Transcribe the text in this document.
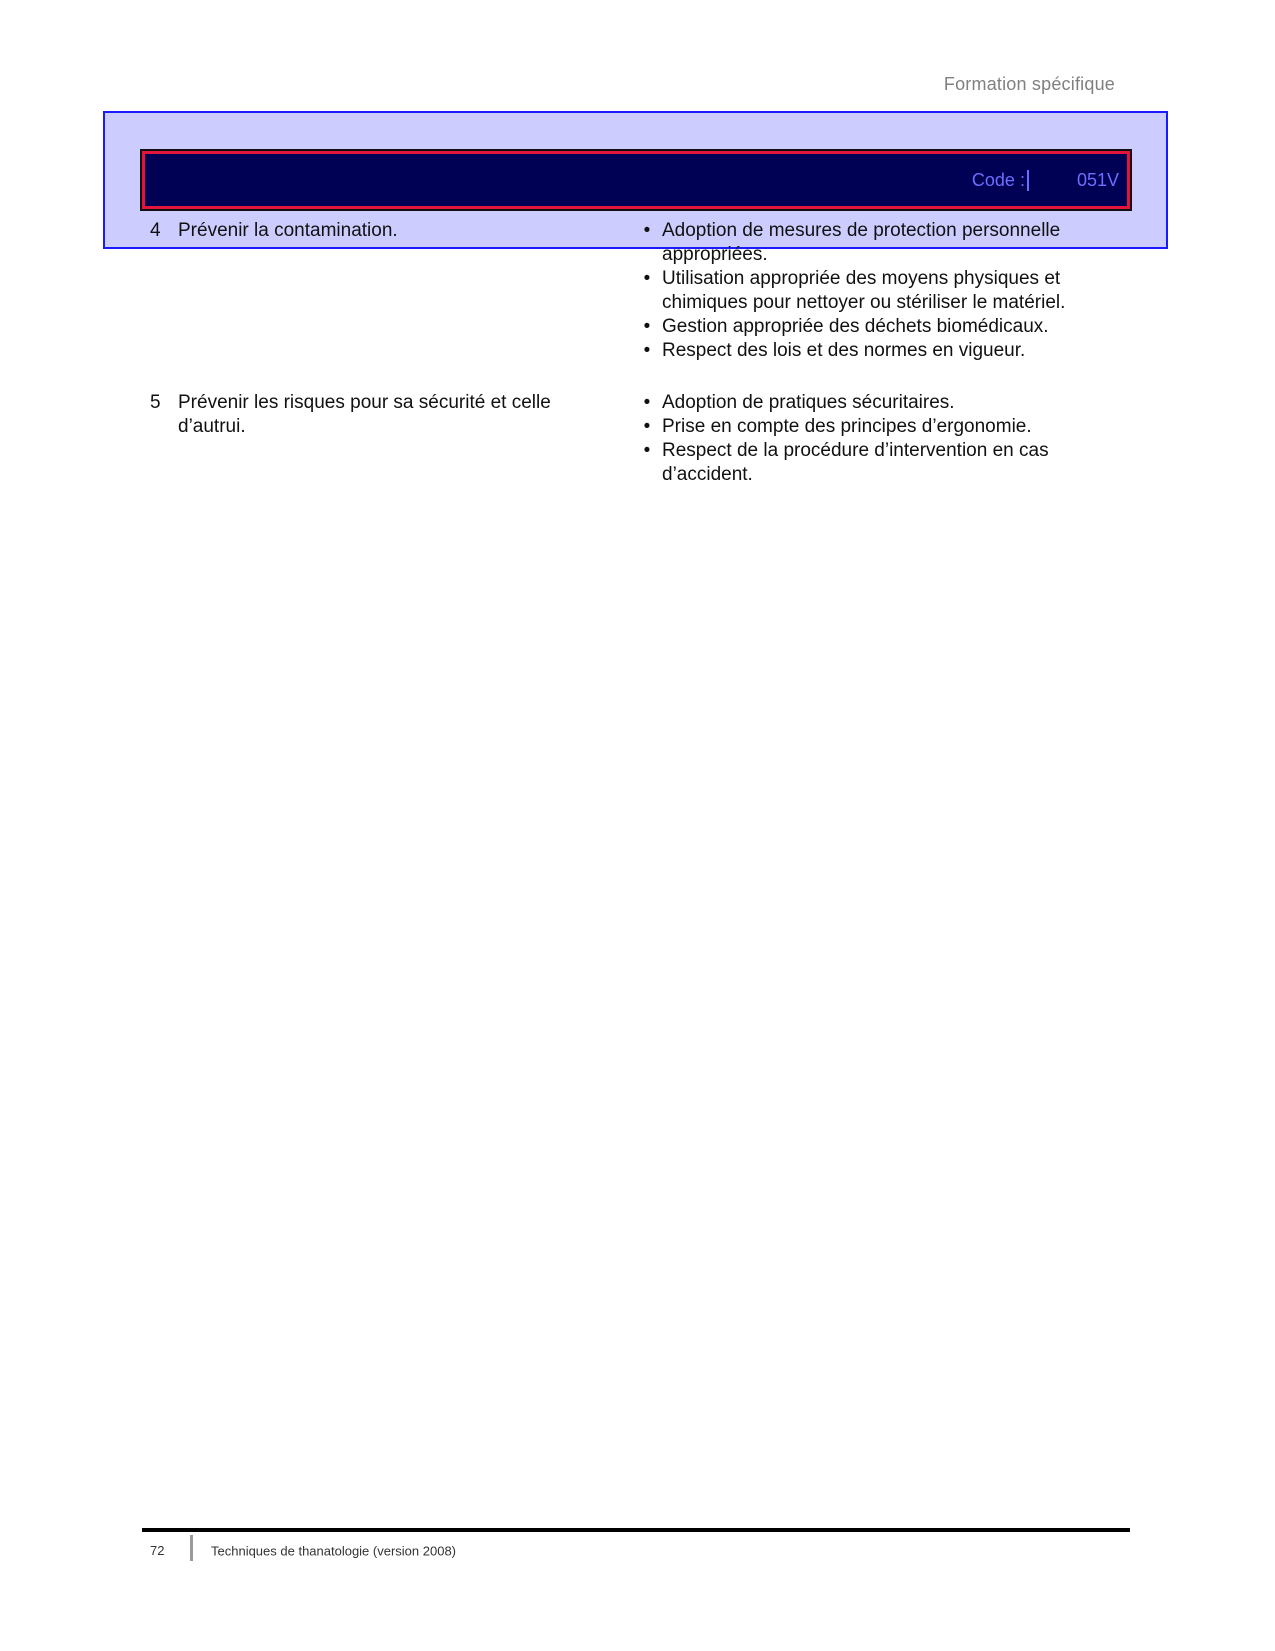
Formation spécifique
Code :	051V
4 Prévenir la contamination.	• Adoption de mesures de protection personnelle appropriées.
• Utilisation appropriée des moyens physiques et chimiques pour nettoyer ou stériliser le matériel.
• Gestion appropriée des déchets biomédicaux.
• Respect des lois et des normes en vigueur.
5 Prévenir les risques pour sa sécurité et celle d’autrui.
• Adoption de pratiques sécuritaires.
• Prise en compte des principes d’ergonomie.
• Respect de la procédure d’intervention en cas d’accident.
72	Techniques de thanatologie (version 2008)
